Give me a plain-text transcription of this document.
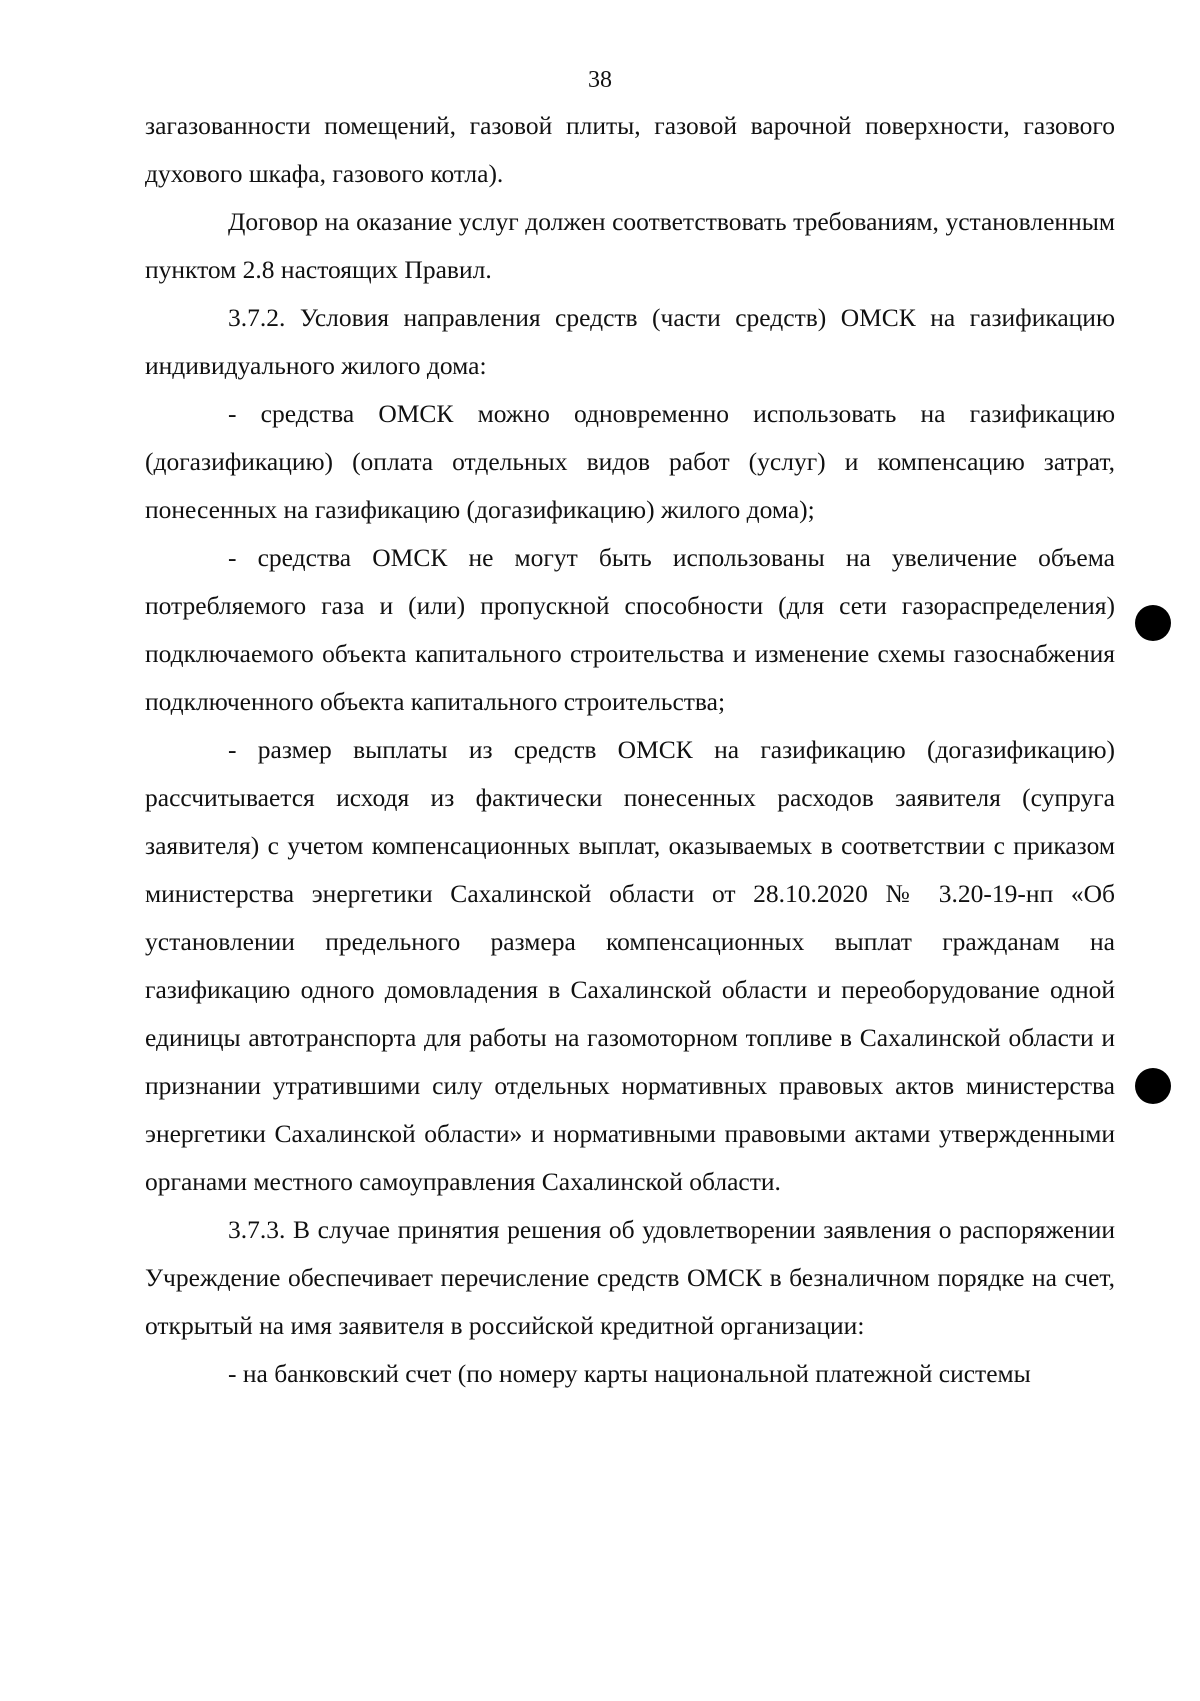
38

загазованности помещений, газовой плиты, газовой варочной поверхности, газового духового шкафа, газового котла).

Договор на оказание услуг должен соответствовать требованиям, установленным пунктом 2.8 настоящих Правил.

3.7.2. Условия направления средств (части средств) ОМСК на газификацию индивидуального жилого дома:

- средства ОМСК можно одновременно использовать на газификацию (догазификацию) (оплата отдельных видов работ (услуг) и компенсацию затрат, понесенных на газификацию (догазификацию) жилого дома);

- средства ОМСК не могут быть использованы на увеличение объема потребляемого газа и (или) пропускной способности (для сети газораспределения) подключаемого объекта капитального строительства и изменение схемы газоснабжения подключенного объекта капитального строительства;

- размер выплаты из средств ОМСК на газификацию (догазификацию) рассчитывается исходя из фактически понесенных расходов заявителя (супруга заявителя) с учетом компенсационных выплат, оказываемых в соответствии с приказом министерства энергетики Сахалинской области от 28.10.2020 № 3.20-19-нп «Об установлении предельного размера компенсационных выплат гражданам на газификацию одного домовладения в Сахалинской области и переоборудование одной единицы автотранспорта для работы на газомоторном топливе в Сахалинской области и признании утратившими силу отдельных нормативных правовых актов министерства энергетики Сахалинской области» и нормативными правовыми актами утвержденными органами местного самоуправления Сахалинской области.

3.7.3. В случае принятия решения об удовлетворении заявления о распоряжении Учреждение обеспечивает перечисление средств ОМСК в безналичном порядке на счет, открытый на имя заявителя в российской кредитной организации:

- на банковский счет (по номеру карты национальной платежной системы
